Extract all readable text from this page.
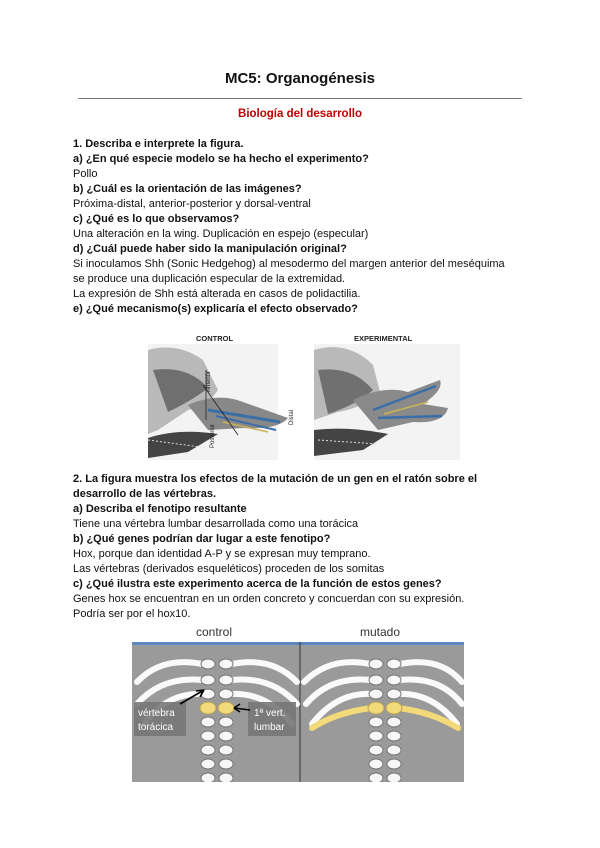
MC5: Organogénesis
Biología del desarrollo
1. Describa e interprete la figura.
a) ¿En qué especie modelo se ha hecho el experimento?
Pollo
b) ¿Cuál es la orientación de las imágenes?
Próxima-distal, anterior-posterior y dorsal-ventral
c) ¿Qué es lo que observamos?
Una alteración en la wing. Duplicación en espejo (especular)
d) ¿Cuál puede haber sido la manipulación original?
Si inoculamos Shh (Sonic Hedgehog) al mesodermo del margen anterior del meséquima
se produce una duplicación especular de la extremidad.
La expresión de Shh está alterada en casos de polidactilia.
e) ¿Qué mecanismo(s) explicaría el efecto observado?
CONTROL
Anterior
Posterior
Distal
EXPERIMENTAL
2. La figura muestra los efectos de la mutación de un gen en el ratón sobre el
desarrollo de las vértebras.
a) Describa el fenotipo resultante
Tiene una vértebra lumbar desarrollada como una torácica
b) ¿Qué genes podrían dar lugar a este fenotipo?
Hox, porque dan identidad A-P y se expresan muy temprano.
Las vértebras (derivados esqueléticos) proceden de los somitas
c) ¿Qué ilustra este experimento acerca de la función de estos genes?
Genes hox se encuentran en un orden concreto y concuerdan con su expresión.
Podría ser por el hox10.
control	mutado
vértebra
torácica
1ª vert.
lumbar
